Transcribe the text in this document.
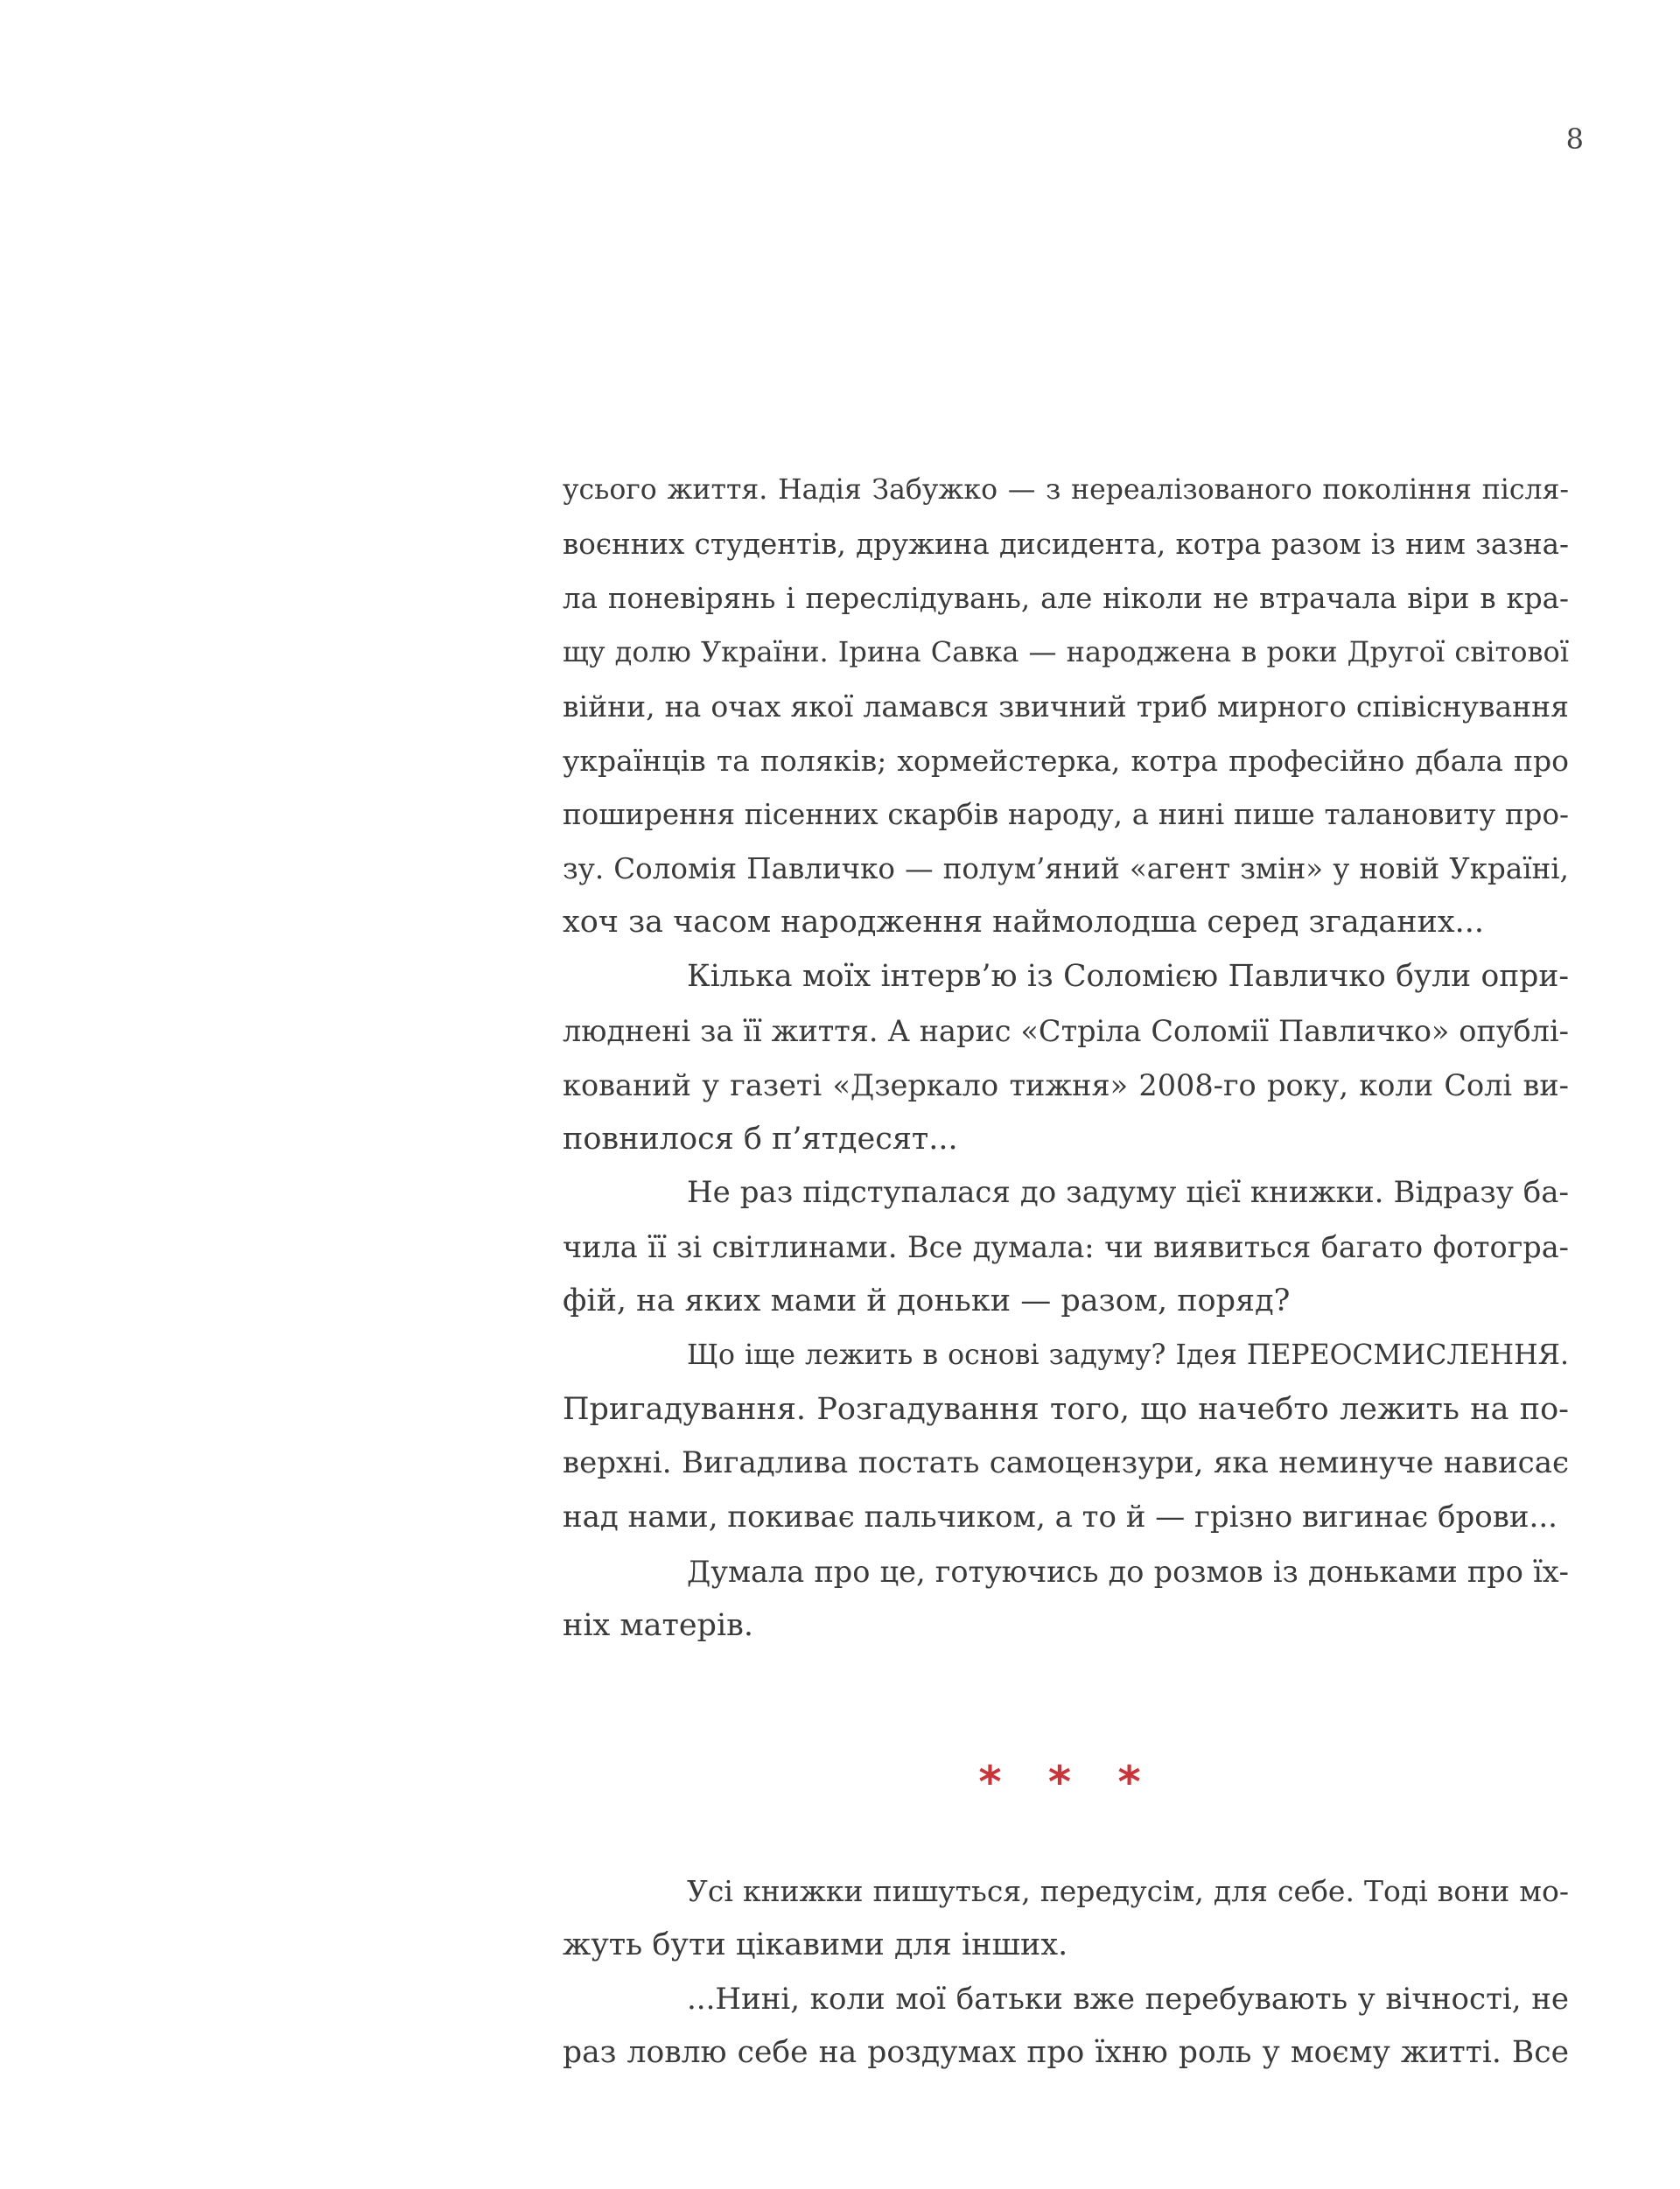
8
усього життя. Надія Забужко — з нереалізованого покоління після-
воєнних студентів, дружина дисидента, котра разом із ним зазна-
ла поневірянь і переслідувань, але ніколи не втрачала віри в кра-
щу долю України. Ірина Савка — народжена в роки Другої світової
війни, на очах якої ламався звичний триб мирного співіснування
українців та поляків; хормейстерка, котра професійно дбала про
поширення пісенних скарбів народу, а нині пише талановиту про-
зу. Соломія Павличко — полум’яний «агент змін» у новій Україні,
хоч за часом народження наймолодша серед згаданих...
Кілька моїх інтерв’ю із Соломією Павличко були опри-
люднені за її життя. А нарис «Стріла Соломії Павличко» опублі-
кований у газеті «Дзеркало тижня» 2008-го року, коли Солі ви-
повнилося б п’ятдесят...
Не раз підступалася до задуму цієї книжки. Відразу ба-
чила її зі світлинами. Все думала: чи виявиться багато фотогра-
фій, на яких мами й доньки — разом, поряд?
Що іще лежить в основі задуму? Ідея ПЕРЕОСМИСЛЕННЯ.
Пригадування. Розгадування того, що начебто лежить на по-
верхні. Вигадлива постать самоцензури, яка неминуче нависає
над нами, покиває пальчиком, а то й — грізно вигинає брови...
Думала про це, готуючись до розмов із доньками про їх-
ніх матерів.
* * *
Усі книжки пишуться, передусім, для себе. Тоді вони мо-
жуть бути цікавими для інших.
...Нині, коли мої батьки вже перебувають у вічності, не
раз ловлю себе на роздумах про їхню роль у моєму житті. Все
